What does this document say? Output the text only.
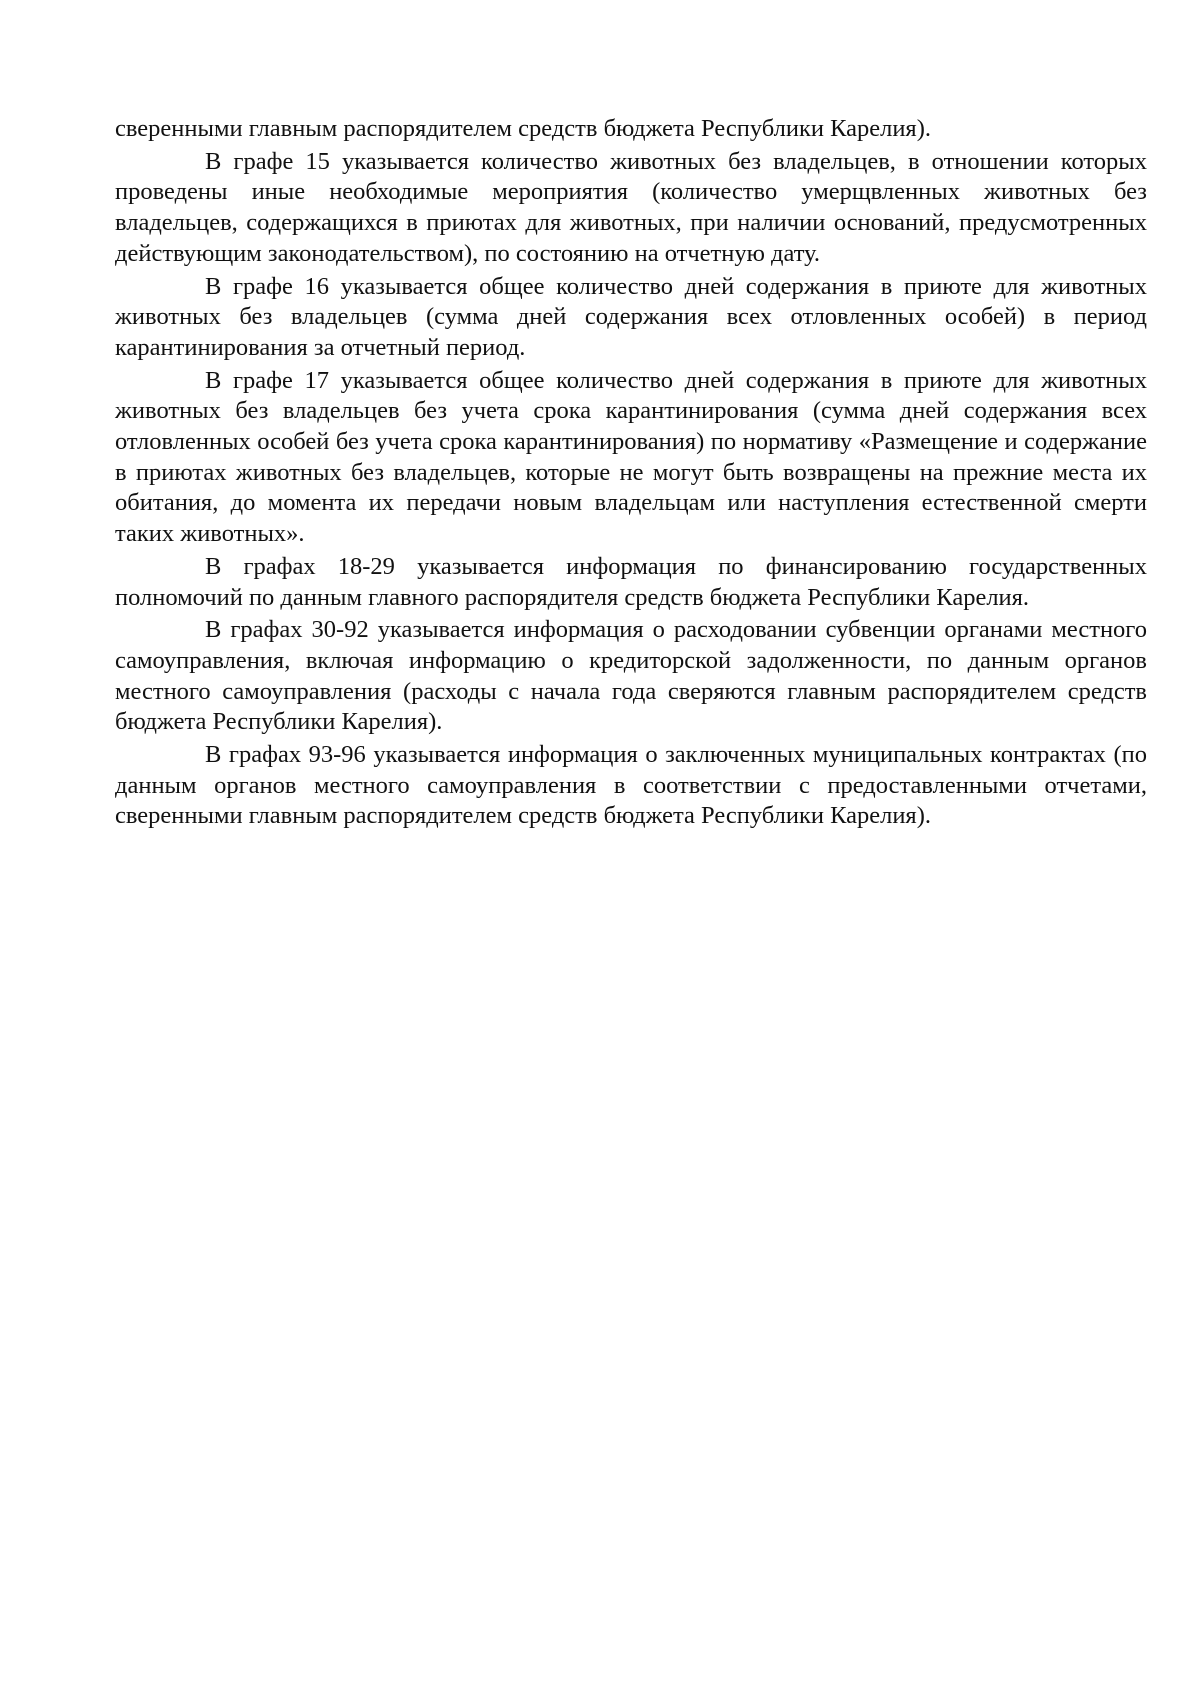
сверенными главным распорядителем средств бюджета Республики Карелия).

В графе 15 указывается количество животных без владельцев, в отношении которых проведены иные необходимые мероприятия (количество умерщвленных животных без владельцев, содержащихся в приютах для животных, при наличии оснований, предусмотренных действующим законодательством), по состоянию на отчетную дату.

В графе 16 указывается общее количество дней содержания в приюте для животных животных без владельцев (сумма дней содержания всех отловленных особей) в период карантинирования за отчетный период.

В графе 17 указывается общее количество дней содержания в приюте для животных животных без владельцев без учета срока карантинирования (сумма дней содержания всех отловленных особей без учета срока карантинирования) по нормативу «Размещение и содержание в приютах животных без владельцев, которые не могут быть возвращены на прежние места их обитания, до момента их передачи новым владельцам или наступления естественной смерти таких животных».

В графах 18-29 указывается информация по финансированию государственных полномочий по данным главного распорядителя средств бюджета Республики Карелия.

В графах 30-92 указывается информация о расходовании субвенции органами местного самоуправления, включая информацию о кредиторской задолженности, по данным органов местного самоуправления (расходы с начала года сверяются главным распорядителем средств бюджета Республики Карелия).

В графах 93-96 указывается информация о заключенных муниципальных контрактах (по данным органов местного самоуправления в соответствии с предоставленными отчетами, сверенными главным распорядителем средств бюджета Республики Карелия).
